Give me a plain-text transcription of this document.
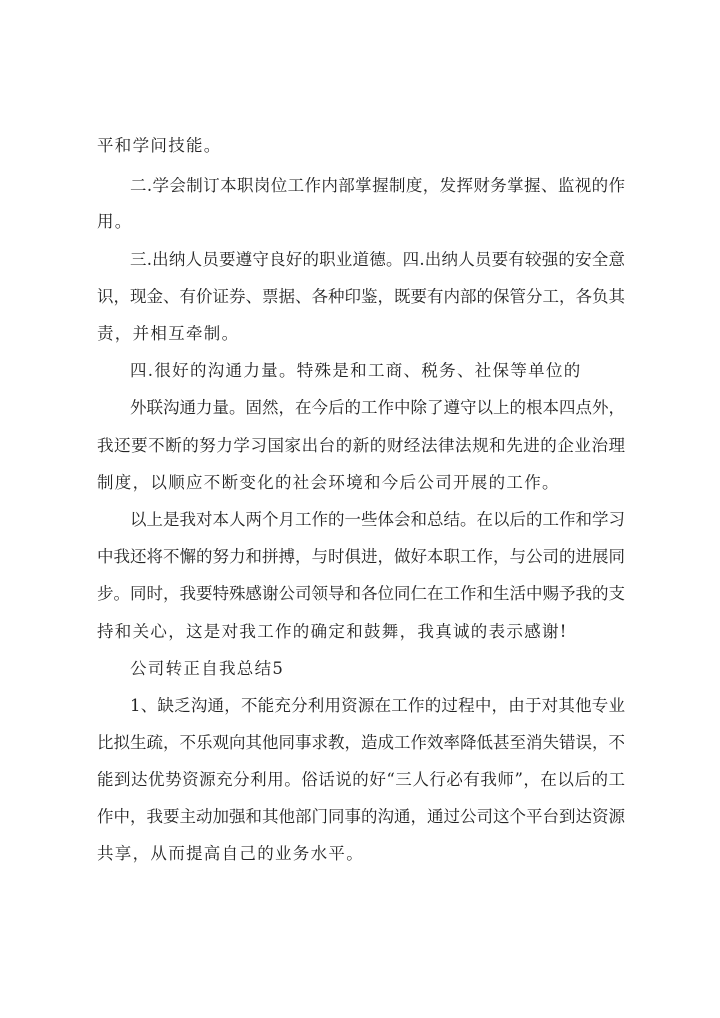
平和学问技能。
二.学会制订本职岗位工作内部掌握制度，发挥财务掌握、监视的作
用。
三.出纳人员要遵守良好的职业道德。四.出纳人员要有较强的安全意
识，现金、有价证券、票据、各种印鉴，既要有内部的保管分工，各负其
责，并相互牵制。
四.很好的沟通力量。特殊是和工商、税务、社保等单位的
外联沟通力量。固然，在今后的工作中除了遵守以上的根本四点外，
我还要不断的努力学习国家出台的新的财经法律法规和先进的企业治理
制度，以顺应不断变化的社会环境和今后公司开展的工作。
以上是我对本人两个月工作的一些体会和总结。在以后的工作和学习
中我还将不懈的努力和拼搏，与时俱进，做好本职工作，与公司的进展同
步。同时，我要特殊感谢公司领导和各位同仁在工作和生活中赐予我的支
持和关心，这是对我工作的确定和鼓舞，我真诚的表示感谢!
公司转正自我总结5
1、缺乏沟通，不能充分利用资源在工作的过程中，由于对其他专业
比拟生疏，不乐观向其他同事求教，造成工作效率降低甚至消失错误，不
能到达优势资源充分利用。俗话说的好“三人行必有我师”，在以后的工
作中，我要主动加强和其他部门同事的沟通，通过公司这个平台到达资源
共享，从而提高自己的业务水平。
